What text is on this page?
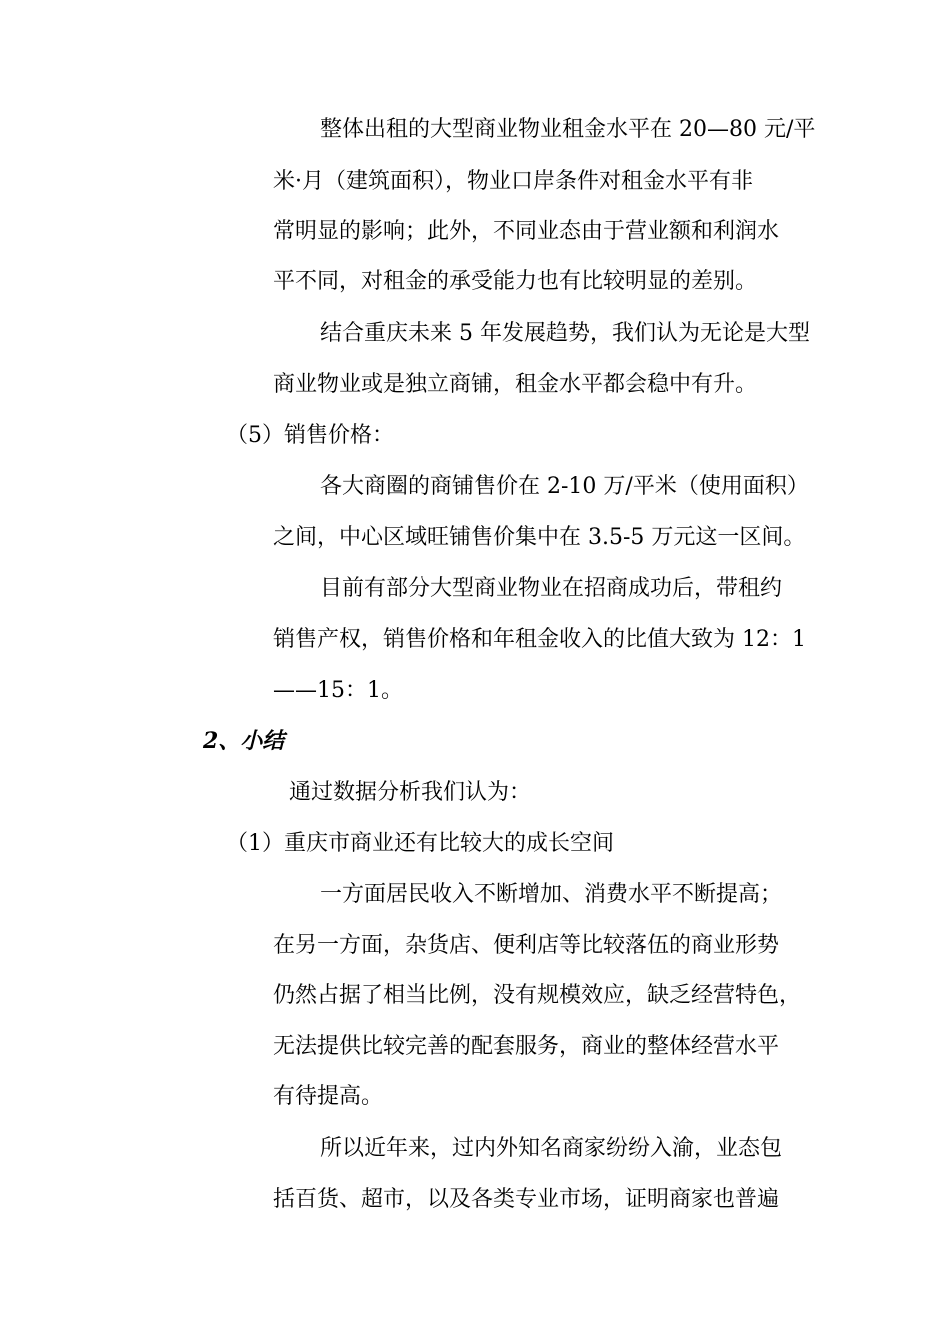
整体出租的大型商业物业租金水平在 20—80 元/平
米·月（建筑面积），物业口岸条件对租金水平有非
常明显的影响；此外，不同业态由于营业额和利润水
平不同，对租金的承受能力也有比较明显的差别。
结合重庆未来 5 年发展趋势，我们认为无论是大型
商业物业或是独立商铺，租金水平都会稳中有升。
（5）销售价格：
各大商圈的商铺售价在 2-10 万/平米（使用面积）
之间，中心区域旺铺售价集中在 3.5-5 万元这一区间。
目前有部分大型商业物业在招商成功后，带租约
销售产权，销售价格和年租金收入的比值大致为 12：1
——15：1。
2、小结
通过数据分析我们认为：
（1）重庆市商业还有比较大的成长空间
一方面居民收入不断增加、消费水平不断提高；
在另一方面，杂货店、便利店等比较落伍的商业形势
仍然占据了相当比例，没有规模效应，缺乏经营特色，
无法提供比较完善的配套服务，商业的整体经营水平
有待提高。
所以近年来，过内外知名商家纷纷入渝，业态包
括百货、超市，以及各类专业市场，证明商家也普遍
